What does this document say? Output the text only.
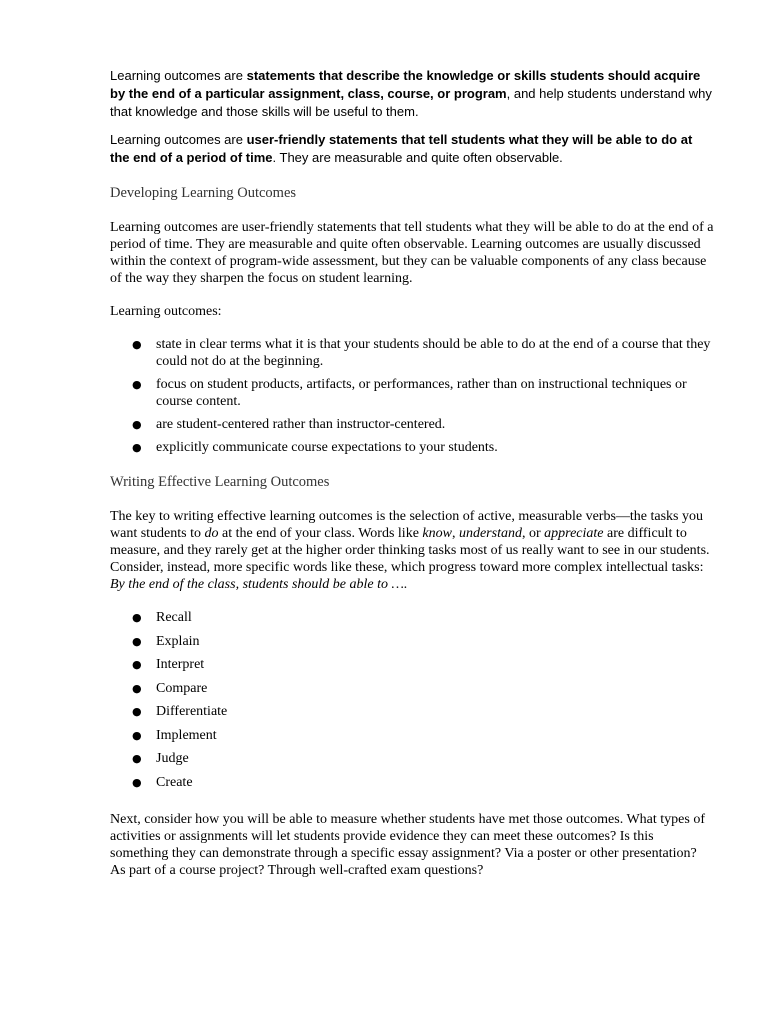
Learning outcomes are statements that describe the knowledge or skills students should acquire by the end of a particular assignment, class, course, or program, and help students understand why that knowledge and those skills will be useful to them.

Learning outcomes are user-friendly statements that tell students what they will be able to do at the end of a period of time. They are measurable and quite often observable.

Developing Learning Outcomes

Learning outcomes are user-friendly statements that tell students what they will be able to do at the end of a period of time. They are measurable and quite often observable. Learning outcomes are usually discussed within the context of program-wide assessment, but they can be valuable components of any class because of the way they sharpen the focus on student learning.

Learning outcomes:

● state in clear terms what it is that your students should be able to do at the end of a course that they could not do at the beginning.
● focus on student products, artifacts, or performances, rather than on instructional techniques or course content.
● are student-centered rather than instructor-centered.
● explicitly communicate course expectations to your students.
Writing Effective Learning Outcomes

The key to writing effective learning outcomes is the selection of active, measurable verbs—the tasks you want students to do at the end of your class. Words like know, understand, or appreciate are difficult to measure, and they rarely get at the higher order thinking tasks most of us really want to see in our students. Consider, instead, more specific words like these, which progress toward more complex intellectual tasks: By the end of the class, students should be able to ….

● Recall
● Explain
● Interpret
● Compare
● Differentiate
● Implement
● Judge
● Create

Next, consider how you will be able to measure whether students have met those outcomes. What types of activities or assignments will let students provide evidence they can meet these outcomes? Is this something they can demonstrate through a specific essay assignment? Via a poster or other presentation? As part of a course project? Through well-crafted exam questions?
